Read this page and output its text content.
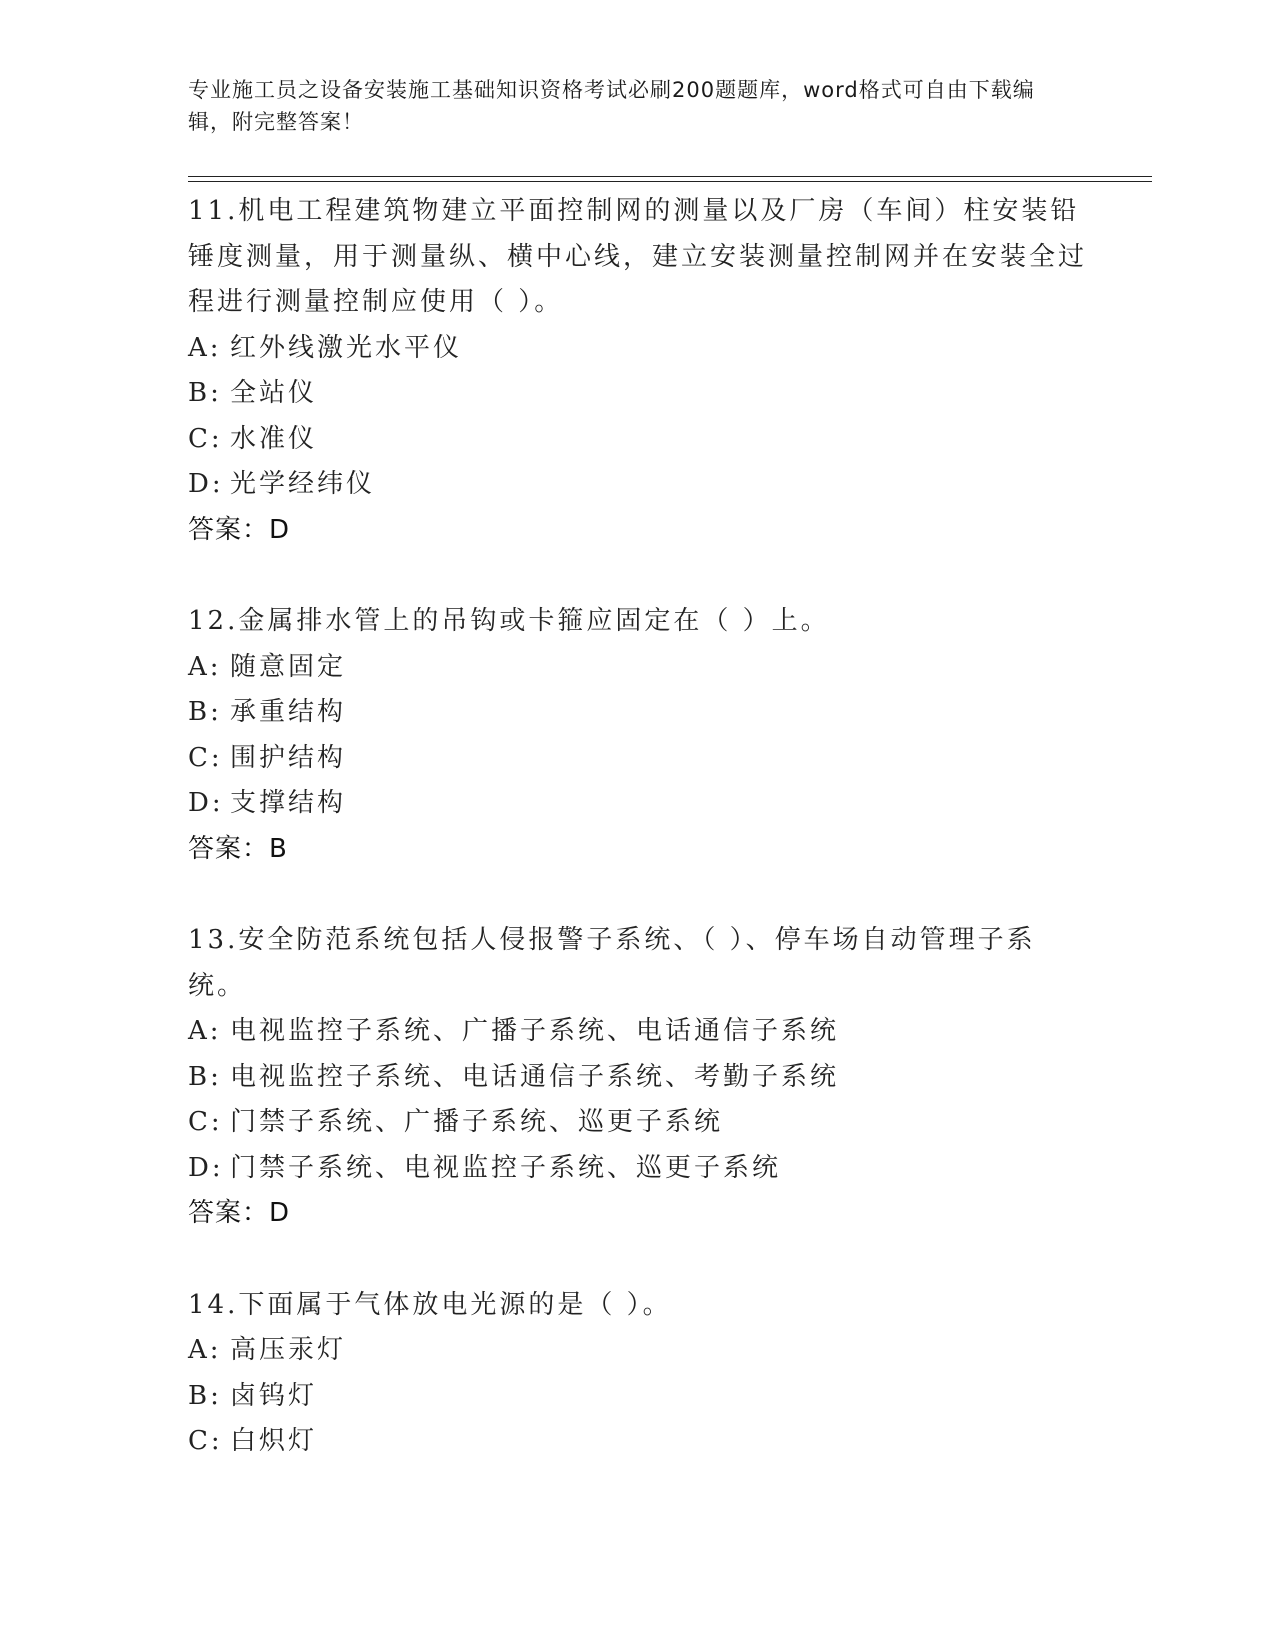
专业施工员之设备安装施工基础知识资格考试必刷200题题库，word格式可自由下载编辑，附完整答案！

11.机电工程建筑物建立平面控制网的测量以及厂房（车间）柱安装铅锤度测量，用于测量纵、横中心线，建立安装测量控制网并在安装全过程进行测量控制应使用（ ）。

A: 红外线激光水平仪

B: 全站仪

C: 水准仪

D: 光学经纬仪

答案：D

12.金属排水管上的吊钩或卡箍应固定在（ ）上。

A: 随意固定

B: 承重结构

C: 围护结构

D: 支撑结构

答案：B

13.安全防范系统包括人侵报警子系统、（ ）、停车场自动管理子系统。

A: 电视监控子系统、广播子系统、电话通信子系统

B: 电视监控子系统、电话通信子系统、考勤子系统

C: 门禁子系统、广播子系统、巡更子系统

D: 门禁子系统、电视监控子系统、巡更子系统

答案：D

14.下面属于气体放电光源的是（ ）。

A: 高压汞灯

B: 卤钨灯

C: 白炽灯
